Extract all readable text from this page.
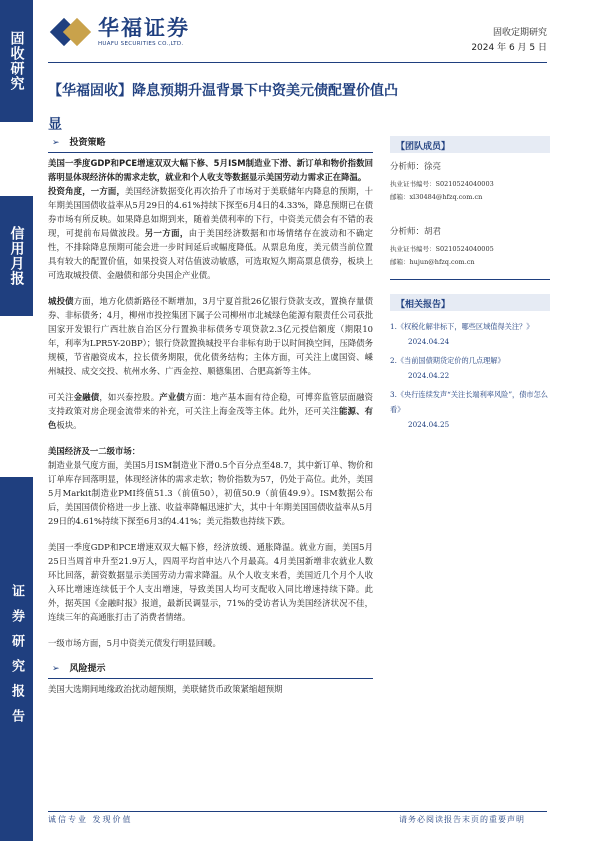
固收研究
信用月报
证券研究报告
华福证券
HUAFU SECURITIES CO.,LTD.
固收定期研究
2024 年 6 月 5 日
【华福固收】降息预期升温背景下中资美元债配置价值凸显
➢ 投资策略

美国一季度GDP和PCE增速双双大幅下修、5月ISM制造业下滑、新订单和物价指数回落明显体现经济体的需求走软，就业和个人收支等数据显示美国劳动力需求正在降温。
投资角度，一方面，美国经济数据变化再次抬升了市场对于美联储年内降息的预期，十年期美国国债收益率从5月29日的4.61%持续下探至6月4日的4.33%，降息预期已在债券市场有所反映。如果降息如期到来，随着美债利率的下行，中资美元债会有不错的表现，可提前布局做波段。另一方面，由于美国经济数据和市场情绪存在波动和不确定性，不排除降息预期可能会进一步时间延后或幅度降低。从票息角度，美元债当前位置具有较大的配置价值，如果投资人对估值波动敏感，可选取短久期高票息债券，板块上可选取城投债、金融债和部分央国企产业债。

城投债方面，地方化债新路径不断增加，3月宁夏首批26亿银行贷款支改，置换存量债券、非标债务；4月，柳州市投控集团下属子公司柳州市北城绿色能源有限责任公司获批国家开发银行广西壮族自治区分行置换非标债务专项贷款2.3亿元授信额度（期限10年，利率为LPR5Y-20BP）；银行贷款置换城投平台非标有助于以时间换空间，压降债务规模，节省融资成本，拉长债务期限，优化债务结构；主体方面，可关注上虞国资、嵊州城投、成交交投、杭州水务、广西金控、顺德集团、合肥高新等主体。

可关注金融债，如兴泰控股。产业债方面：地产基本面有待企稳，可博弈监管层面融资支持政策对房企现金流带来的补充，可关注上海金茂等主体。此外，还可关注能源、有色板块。

美国经济及一二级市场：

制造业景气度方面，美国5月ISM制造业下滑0.5个百分点至48.7，其中新订单、物价和订单库存回落明显，体现经济体的需求走软；物价指数为57，仍处于高位。此外，美国5月Markit制造业PMI终值51.3（前值50），初值50.9（前值49.9）。ISM数据公布后，美国国债价格进一步上涨、收益率降幅迅速扩大，其中十年期美国国债收益率从5月29日的4.61%持续下探至6月3的4.41%；美元指数也持续下跌。

美国一季度GDP和PCE增速双双大幅下修，经济放缓、通胀降温。就业方面，美国5月25日当周首申升至21.9万人，四周平均首申达八个月最高。4月美国新增非农就业人数环比回落，薪资数据显示美国劳动力需求降温。从个人收支来看，美国近几个月个人收入环比增速连续低于个人支出增速，导致美国人均可支配收入同比增速持续下降。此外，据英国《金融时报》报道，最新民调显示，71%的受访者认为美国经济状况不佳，连续三年的高通胀打击了消费者情绪。

一级市场方面，5月中资美元债发行明显回暖。

➢ 风险提示

美国大选期间地缘政治扰动超预期，美联储货币政策紧缩超预期

【团队成员】
分析师：徐亮
执业证书编号：S0210524040003
邮箱：xl30484@hfzq.com.cn
分析师：胡君
执业证书编号：S0210524040005
邮箱：hujun@hfzq.com.cn
【相关报告】
1.《权税化解非标下，哪些区域值得关注？》
2024.04.24
2.《当前国债期货定价的几点理解》
2024.04.22
3.《央行连续发声“关注长端利率风险”，债市怎么看》
2024.04.25
诚信专业 发现价值	请务必阅读报告末页的重要声明
